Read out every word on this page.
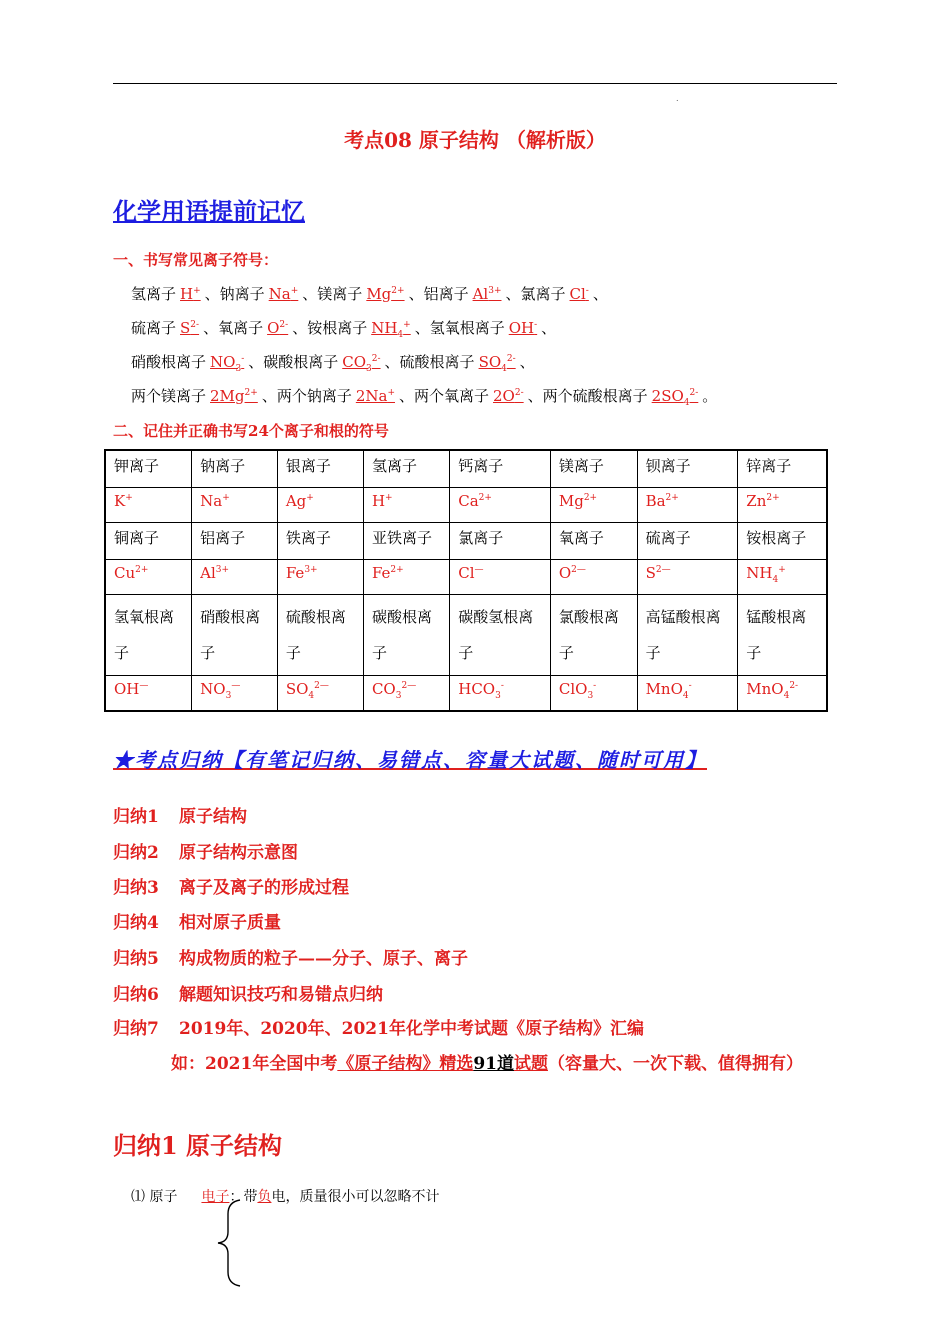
.
考点08 原子结构 （解析版）
化学用语提前记忆
一、书写常见离子符号：
氢离子 H+ 、钠离子 Na+ 、镁离子 $Mg^{2+}$ 、铝离子 $Al^{3+}$ 、氯离子 Cl- 、
硫离子 $S^{2-}$ 、氧离子 $O^{2-}$ 、铵根离子 $NH_4^+$ 、氢氧根离子 OH- 、
硝酸根离子 $NO_3^-$ 、碳酸根离子 $CO_3^{2-}$ 、硫酸根离子 $SO_4^{2-}$ 、
两个镁离子 $2Mg^{2+}$ 、两个钠离子 2Na+ 、两个氧离子 $2O^{2-}$ 、两个硫酸根离子 $2SO_4^{2-}$ 。
二、记住并正确书写24个离子和根的符号
钾离子	钠离子	银离子	氢离子	钙离子	镁离子	钡离子	锌离子
K+	Na+	Ag+	H+	$Ca^{2+}$	$Mg^{2+}$	$Ba^{2+}$	$Zn^{2+}$
铜离子	铝离子	铁离子	亚铁离子	氯离子	氧离子	硫离子	铵根离子
$Cu^{2+}$	$Al^{3+}$	$Fe^{3+}$	$Fe^{2+}$	Cl—	$O^{2—}$	$S^{2—}$	$NH_4^+$
氢氧根离子	硝酸根离子	硫酸根离子	碳酸根离子	碳酸氢根离子	氯酸根离子	高锰酸根离子	锰酸根离子
OH—	$NO_3^—$	$SO_4^{2—}$	$CO_3^{2—}$	$HCO_3^-$	ClO$_3$-	MnO$_4$-	MnO$_4^{2-}$
★考点归纳【有笔记归纳、易错点、容量大试题、随时可用】
归纳1 原子结构
归纳2 原子结构示意图
归纳3 离子及离子的形成过程
归纳4 相对原子质量
归纳5 构成物质的粒子——分子、原子、离子
归纳6 解题知识技巧和易错点归纳
归纳7 2019年、2020年、2021年化学中考试题《原子结构》汇编
如：2021年全国中考《原子结构》精选91道试题（容量大、一次下载、值得拥有）
归纳1 原子结构
⑴ 原子 电子：带负电，质量很小可以忽略不计
